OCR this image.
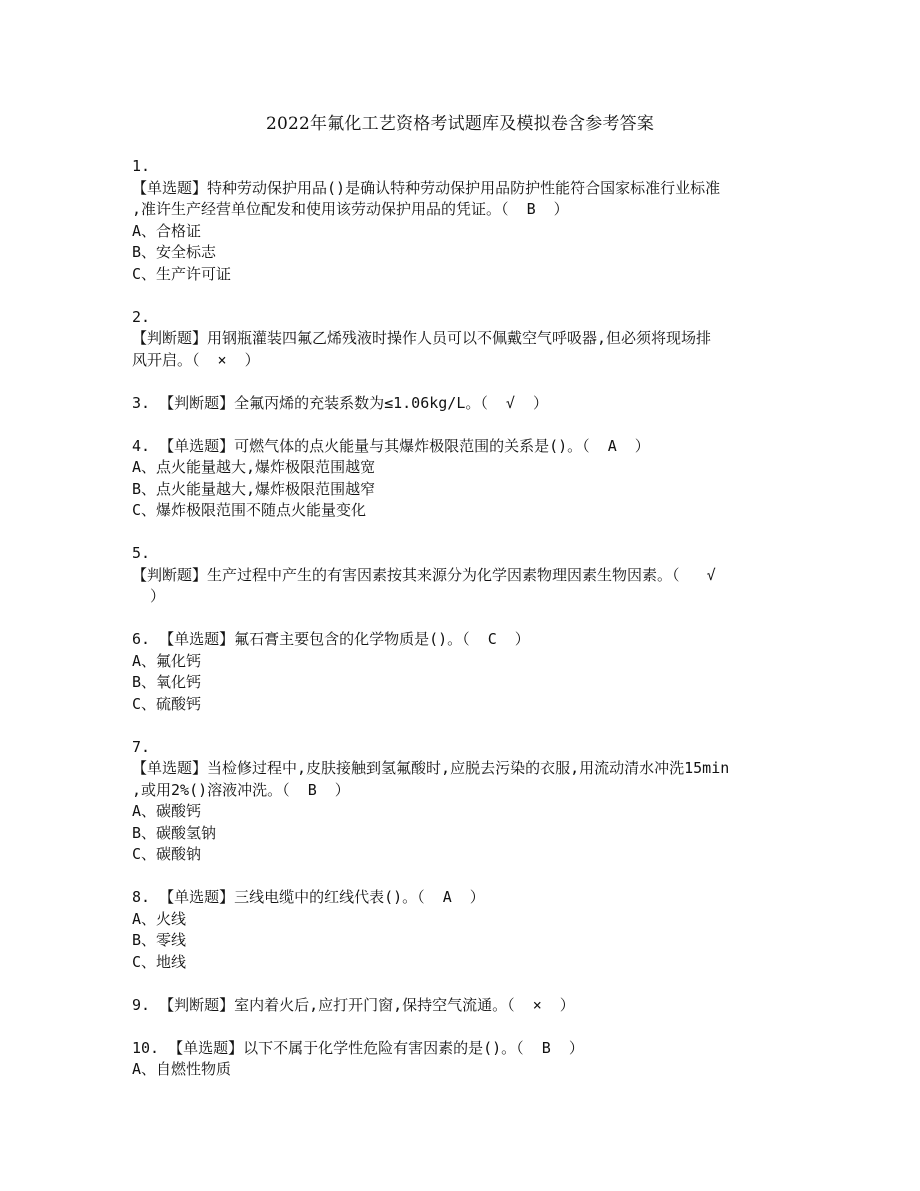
2022年氟化工艺资格考试题库及模拟卷含参考答案
1.
【单选题】特种劳动保护用品()是确认特种劳动保护用品防护性能符合国家标准行业标准
,准许生产经营单位配发和使用该劳动保护用品的凭证。（  B  ）
A、合格证
B、安全标志
C、生产许可证
2.
【判断题】用钢瓶灌装四氟乙烯残液时操作人员可以不佩戴空气呼吸器,但必须将现场排
风开启。（  ×  ）
3. 【判断题】全氟丙烯的充装系数为≤1.06kg/L。（  √  ）
4. 【单选题】可燃气体的点火能量与其爆炸极限范围的关系是()。（  A  ）
A、点火能量越大,爆炸极限范围越宽
B、点火能量越大,爆炸极限范围越窄
C、爆炸极限范围不随点火能量变化
5.
【判断题】生产过程中产生的有害因素按其来源分为化学因素物理因素生物因素。（   √
）
6. 【单选题】氟石膏主要包含的化学物质是()。（  C  ）
A、氟化钙
B、氧化钙
C、硫酸钙
7.
【单选题】当检修过程中,皮肤接触到氢氟酸时,应脱去污染的衣服,用流动清水冲洗15min
,或用2%()溶液冲洗。（  B  ）
A、碳酸钙
B、碳酸氢钠
C、碳酸钠
8. 【单选题】三线电缆中的红线代表()。（  A  ）
A、火线
B、零线
C、地线
9. 【判断题】室内着火后,应打开门窗,保持空气流通。（  ×  ）
10. 【单选题】以下不属于化学性危险有害因素的是()。（  B  ）
A、自燃性物质
